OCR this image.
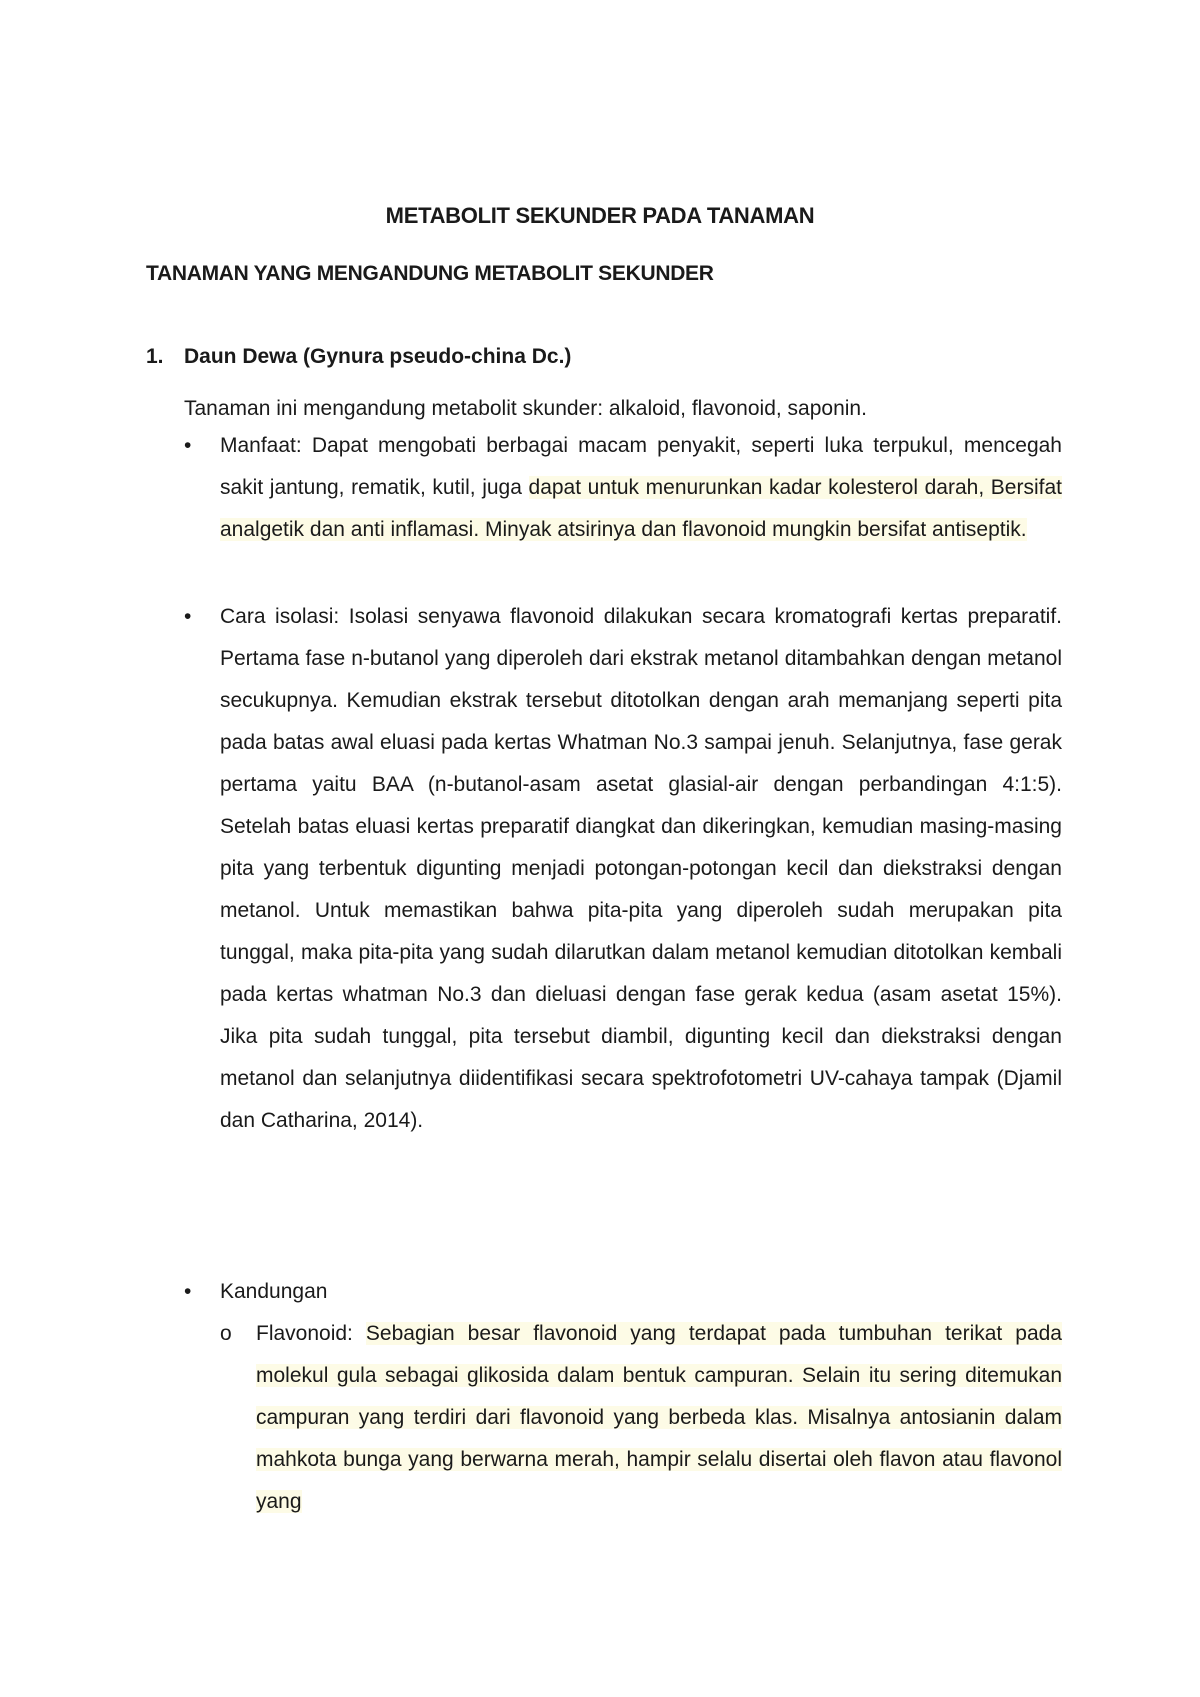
METABOLIT SEKUNDER PADA TANAMAN
TANAMAN YANG MENGANDUNG METABOLIT SEKUNDER
1. Daun Dewa (Gynura pseudo-china Dc.)
Tanaman ini mengandung metabolit skunder: alkaloid, flavonoid, saponin.
•	Manfaat: Dapat mengobati berbagai macam penyakit, seperti luka terpukul, mencegah sakit jantung, rematik, kutil, juga dapat untuk menurunkan kadar kolesterol darah, Bersifat analgetik dan anti inflamasi. Minyak atsirinya dan flavonoid mungkin bersifat antiseptik.
•	Cara isolasi: Isolasi senyawa flavonoid dilakukan secara kromatografi kertas preparatif. Pertama fase n-butanol yang diperoleh dari ekstrak metanol ditambahkan dengan metanol secukupnya. Kemudian ekstrak tersebut ditotolkan dengan arah memanjang seperti pita pada batas awal eluasi pada kertas Whatman No.3 sampai jenuh. Selanjutnya, fase gerak pertama yaitu BAA (n-butanol-asam asetat glasial-air dengan perbandingan 4:1:5). Setelah batas eluasi kertas preparatif diangkat dan dikeringkan, kemudian masing-masing pita yang terbentuk digunting menjadi potongan-potongan kecil dan diekstraksi dengan metanol. Untuk memastikan bahwa pita-pita yang diperoleh sudah merupakan pita tunggal, maka pita-pita yang sudah dilarutkan dalam metanol kemudian ditotolkan kembali pada kertas whatman No.3 dan dieluasi dengan fase gerak kedua (asam asetat 15%). Jika pita sudah tunggal, pita tersebut diambil, digunting kecil dan diekstraksi dengan metanol dan selanjutnya diidentifikasi secara spektrofotometri UV-cahaya tampak (Djamil dan Catharina, 2014).
•	Kandungan
o Flavonoid: Sebagian besar flavonoid yang terdapat pada tumbuhan terikat pada molekul gula sebagai glikosida dalam bentuk campuran. Selain itu sering ditemukan campuran yang terdiri dari flavonoid yang berbeda klas. Misalnya antosianin dalam mahkota bunga yang berwarna merah, hampir selalu disertai oleh flavon atau flavonol yang
